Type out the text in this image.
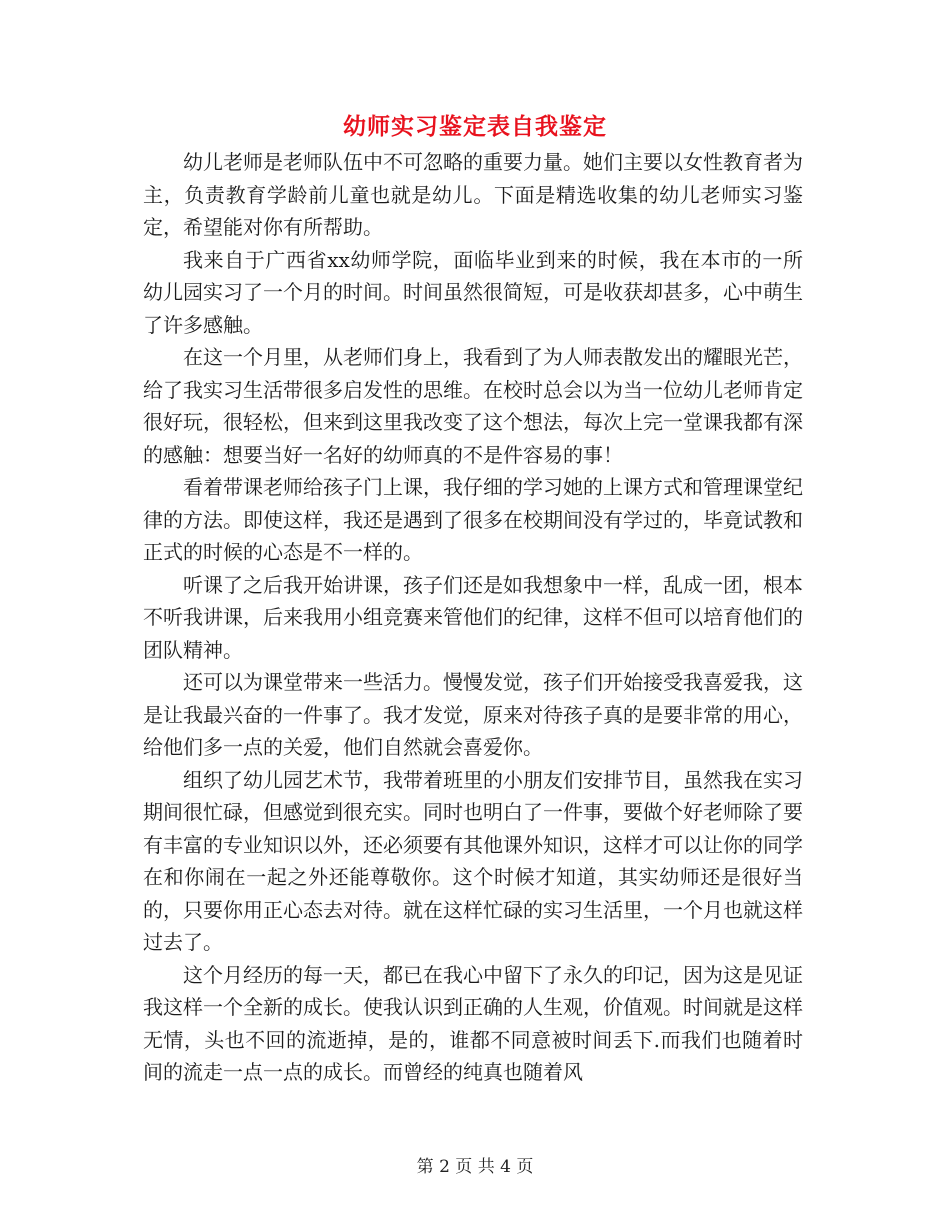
幼师实习鉴定表自我鉴定

幼儿老师是老师队伍中不可忽略的重要力量。她们主要以女性教育者为主，负责教育学龄前儿童也就是幼儿。下面是精选收集的幼儿老师实习鉴定，希望能对你有所帮助。

我来自于广西省xx幼师学院，面临毕业到来的时候，我在本市的一所幼儿园实习了一个月的时间。时间虽然很简短，可是收获却甚多，心中萌生了许多感触。

在这一个月里，从老师们身上，我看到了为人师表散发出的耀眼光芒，给了我实习生活带很多启发性的思维。在校时总会以为当一位幼儿老师肯定很好玩，很轻松，但来到这里我改变了这个想法，每次上完一堂课我都有深的感触：想要当好一名好的幼师真的不是件容易的事！

看着带课老师给孩子门上课，我仔细的学习她的上课方式和管理课堂纪律的方法。即使这样，我还是遇到了很多在校期间没有学过的，毕竟试教和正式的时候的心态是不一样的。

听课了之后我开始讲课，孩子们还是如我想象中一样，乱成一团，根本不听我讲课，后来我用小组竞赛来管他们的纪律，这样不但可以培育他们的团队精神。

还可以为课堂带来一些活力。慢慢发觉，孩子们开始接受我喜爱我，这是让我最兴奋的一件事了。我才发觉，原来对待孩子真的是要非常的用心，给他们多一点的关爱，他们自然就会喜爱你。

组织了幼儿园艺术节，我带着班里的小朋友们安排节目，虽然我在实习期间很忙碌，但感觉到很充实。同时也明白了一件事，要做个好老师除了要有丰富的专业知识以外，还必须要有其他课外知识，这样才可以让你的同学在和你闹在一起之外还能尊敬你。这个时候才知道，其实幼师还是很好当的，只要你用正心态去对待。就在这样忙碌的实习生活里，一个月也就这样过去了。

这个月经历的每一天，都已在我心中留下了永久的印记，因为这是见证我这样一个全新的成长。使我认识到正确的人生观，价值观。时间就是这样无情，头也不回的流逝掉，是的，谁都不同意被时间丢下.而我们也随着时间的流走一点一点的成长。而曾经的纯真也随着风

第 2 页 共 4 页
